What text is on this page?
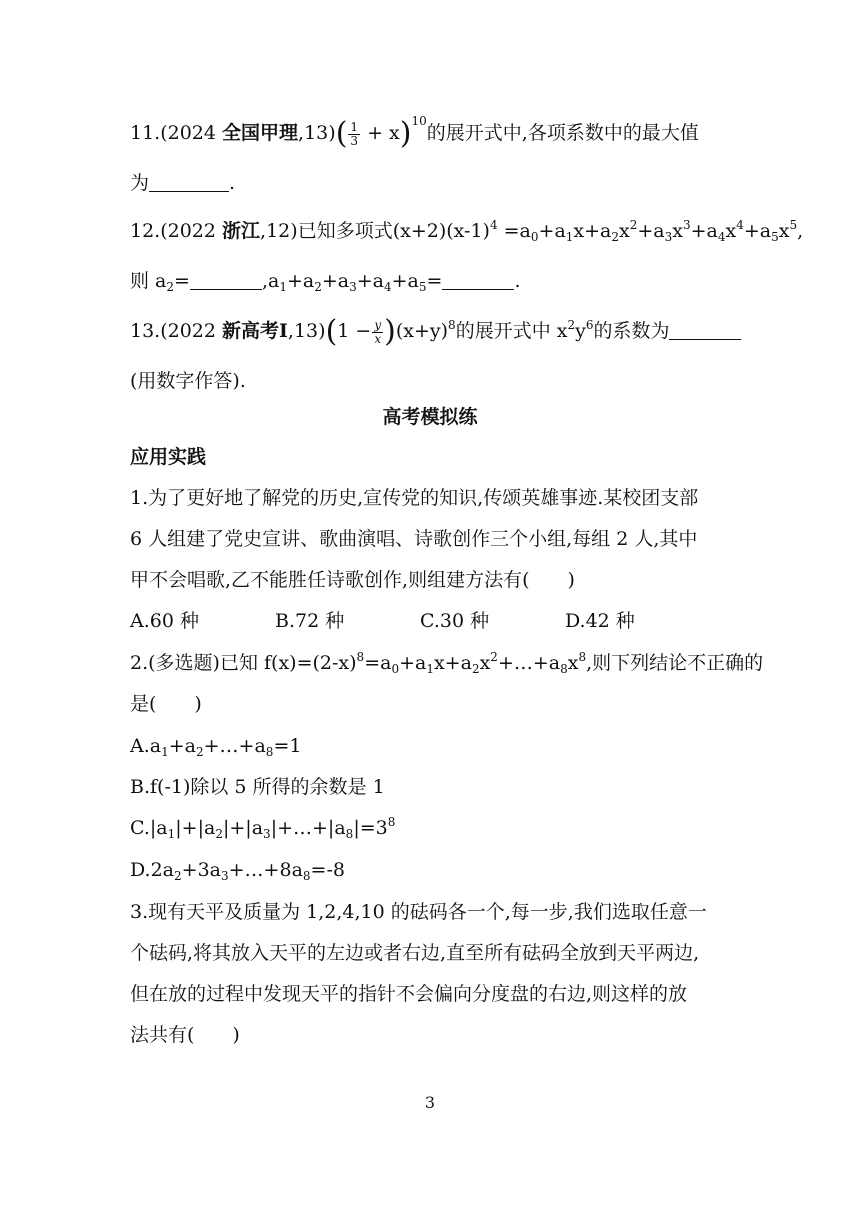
11.(2024 全国甲理$,13)( \frac{1}{3} + x)^{10}$的展开式中,各项系数中的最大值
为	.
12.(2022 浙江,12)已知多项式$(x+2)(x-1)^4 =a_0+a_1x+a_2x^2+a_3x^3+a_4x^4+a_5x^5$,
则 $a_2=$	$,a_1+a_2+a_3+a_4+a_5=$	.
13.(2022 新高考Ⅰ,13)(1 − $\frac{y}{x} )(x+y)^8$的展开式中 $x^2y^6$的系数为
(用数字作答).
高考模拟练
应用实践
1.为了更好地了解党的历史,宣传党的知识,传颂英雄事迹.某校团支部
6 人组建了党史宣讲、歌曲演唱、诗歌创作三个小组,每组 2 人,其中
甲不会唱歌,乙不能胜任诗歌创作,则组建方法有(　　)
A.60 种	B.72 种	C.30 种	D.42 种
2.(多选题)已知 $f(x)=(2-x)^8=a_0+a_1x+a_2x^2+\dots+a_8x^8$,则下列结论不正确的
是(　　)
$A.a_1+a_2+\dots+a_8=1$
B.f(-1)除以 5 所得的余数是 1
$C.|a_1|+|a_2|+|a_3|+\dots+|a_8|=3^8$
$D.2a_2+3a_3+\dots+8a_8=-8$
3.现有天平及质量为 1,2,4,10 的砝码各一个,每一步,我们选取任意一
个砝码,将其放入天平的左边或者右边,直至所有砝码全放到天平两边,
但在放的过程中发现天平的指针不会偏向分度盘的右边,则这样的放
法共有(　　)
3
